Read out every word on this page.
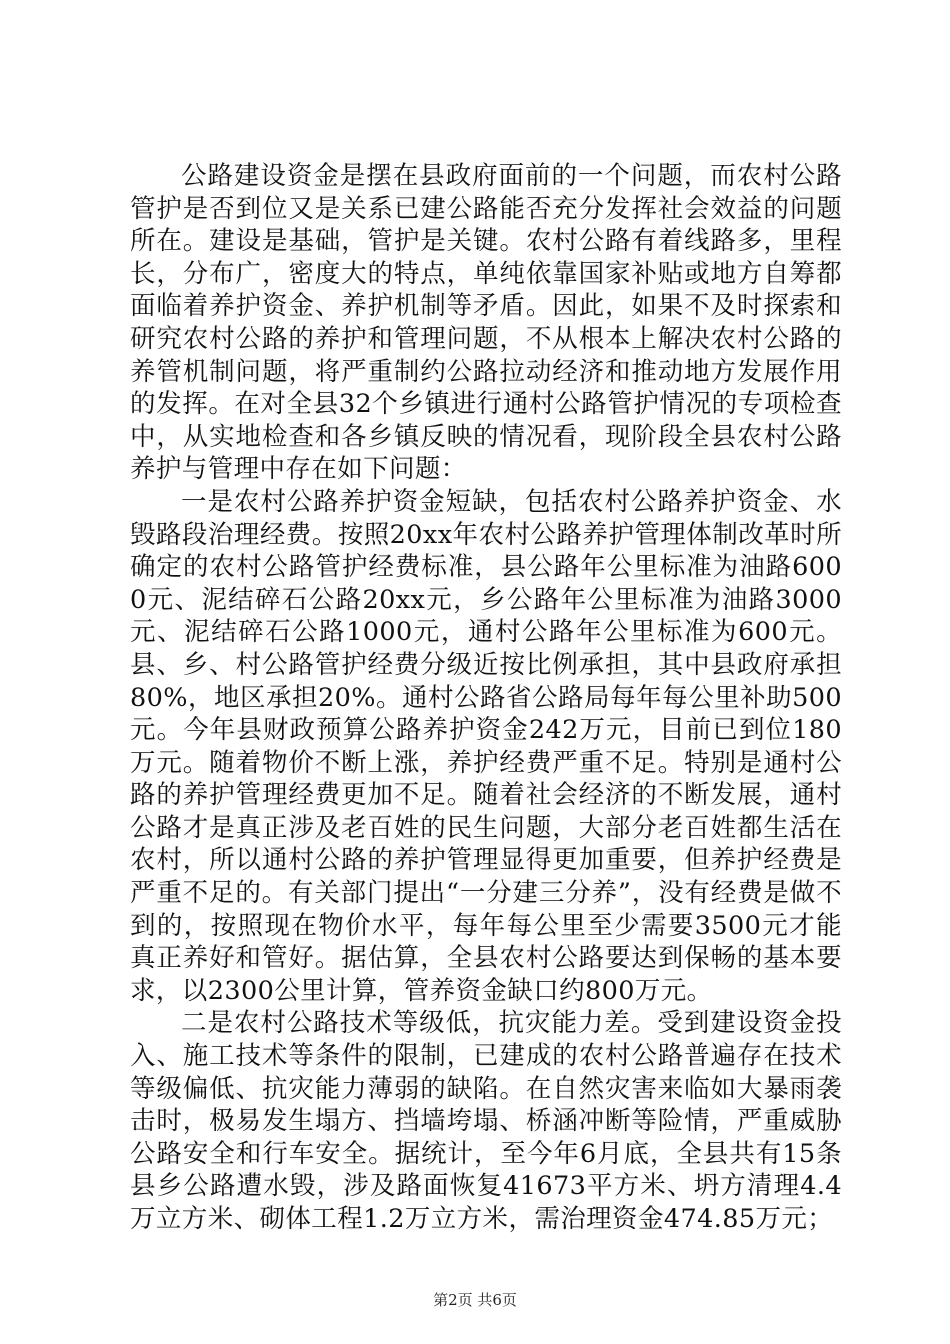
公路建设资金是摆在县政府面前的一个问题，而农村公路管护是否到位又是关系已建公路能否充分发挥社会效益的问题所在。建设是基础，管护是关键。农村公路有着线路多，里程长，分布广，密度大的特点，单纯依靠国家补贴或地方自筹都面临着养护资金、养护机制等矛盾。因此，如果不及时探索和研究农村公路的养护和管理问题，不从根本上解决农村公路的养管机制问题，将严重制约公路拉动经济和推动地方发展作用的发挥。在对全县32个乡镇进行通村公路管护情况的专项检查中，从实地检查和各乡镇反映的情况看，现阶段全县农村公路养护与管理中存在如下问题：

一是农村公路养护资金短缺，包括农村公路养护资金、水毁路段治理经费。按照20xx年农村公路养护管理体制改革时所确定的农村公路管护经费标准，县公路年公里标准为油路6000元、泥结碎石公路20xx元，乡公路年公里标准为油路3000元、泥结碎石公路1000元，通村公路年公里标准为600元。县、乡、村公路管护经费分级近按比例承担，其中县政府承担80%，地区承担20%。通村公路省公路局每年每公里补助500元。今年县财政预算公路养护资金242万元，目前已到位180万元。随着物价不断上涨，养护经费严重不足。特别是通村公路的养护管理经费更加不足。随着社会经济的不断发展，通村公路才是真正涉及老百姓的民生问题，大部分老百姓都生活在农村，所以通村公路的养护管理显得更加重要，但养护经费是严重不足的。有关部门提出“一分建三分养”，没有经费是做不到的，按照现在物价水平，每年每公里至少需要3500元才能真正养好和管好。据估算，全县农村公路要达到保畅的基本要求，以2300公里计算，管养资金缺口约800万元。

二是农村公路技术等级低，抗灾能力差。受到建设资金投入、施工技术等条件的限制，已建成的农村公路普遍存在技术等级偏低、抗灾能力薄弱的缺陷。在自然灾害来临如大暴雨袭击时，极易发生塌方、挡墙垮塌、桥涵冲断等险情，严重威胁公路安全和行车安全。据统计，至今年6月底，全县共有15条县乡公路遭水毁，涉及路面恢复41673平方米、坍方清理4.4万立方米、砌体工程1.2万立方米，需治理资金474.85万元；

第2页 共6页
